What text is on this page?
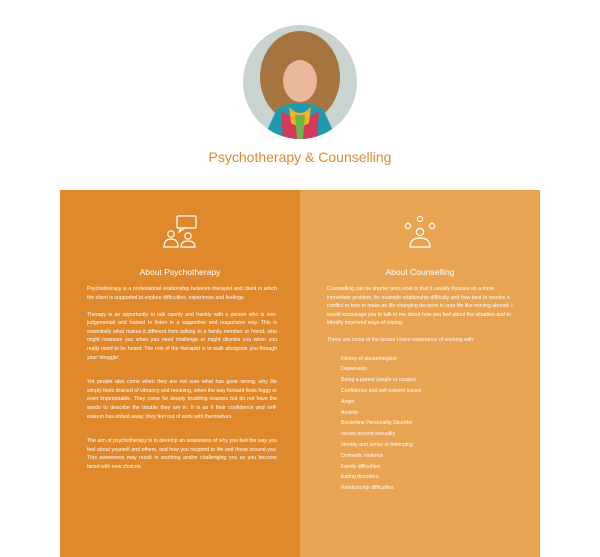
Psychotherapy & Counselling
About Psychotherapy

Psychotherapy is a professional relationship between therapist and client in which the client is supported to explore difficulties, experience and feelings.

Therapy is an opportunity to talk openly and frankly with a person who is non-judgemental and trained to listen in a supportive and responsive way. This is essentially what makes it different from talking to a family member or friend, who might reassure you when you need challenge or might dismiss you when you really need to be heard. The role of the therapist is to walk alongside you through your 'struggle'.

Yet people also come when they are not sure what has gone wrong, why life simply feels drained of vibrancy and meaning, when the way forward feels foggy or even impenetrable. They come for deeply troubling reasons but do not have the words to describe the trouble they are in. It is as if their confidence and self-esteem has ebbed away; they feel out of sorts with themselves.

The aim of psychotherapy is to develop an awareness of why you feel the way you feel about yourself and others, and how you respond to life and those around you. This awareness may result in soothing and/or challenging you as you become faced with new choices.

About Counselling

Counselling can be shorter term work in that it usually focuses on a more immediate problem, for example relationship difficulty and how best to resolve a conflict or how to make an life changing decision in your life like moving abroad. I would encourage you to talk to me about how you feel about the situation and to identify improved ways of coping.

These are some of the issues I have experience of working with:

History of abuse/neglect
Depression
Being a parent (single or couple)
Confidence and self esteem issues
Anger
Anxiety
Borderline Personality Disorder
Issues around sexuality
Identity and sense of belonging
Domestic violence
Family difficulties
Eating disorders
Relationship difficulties
